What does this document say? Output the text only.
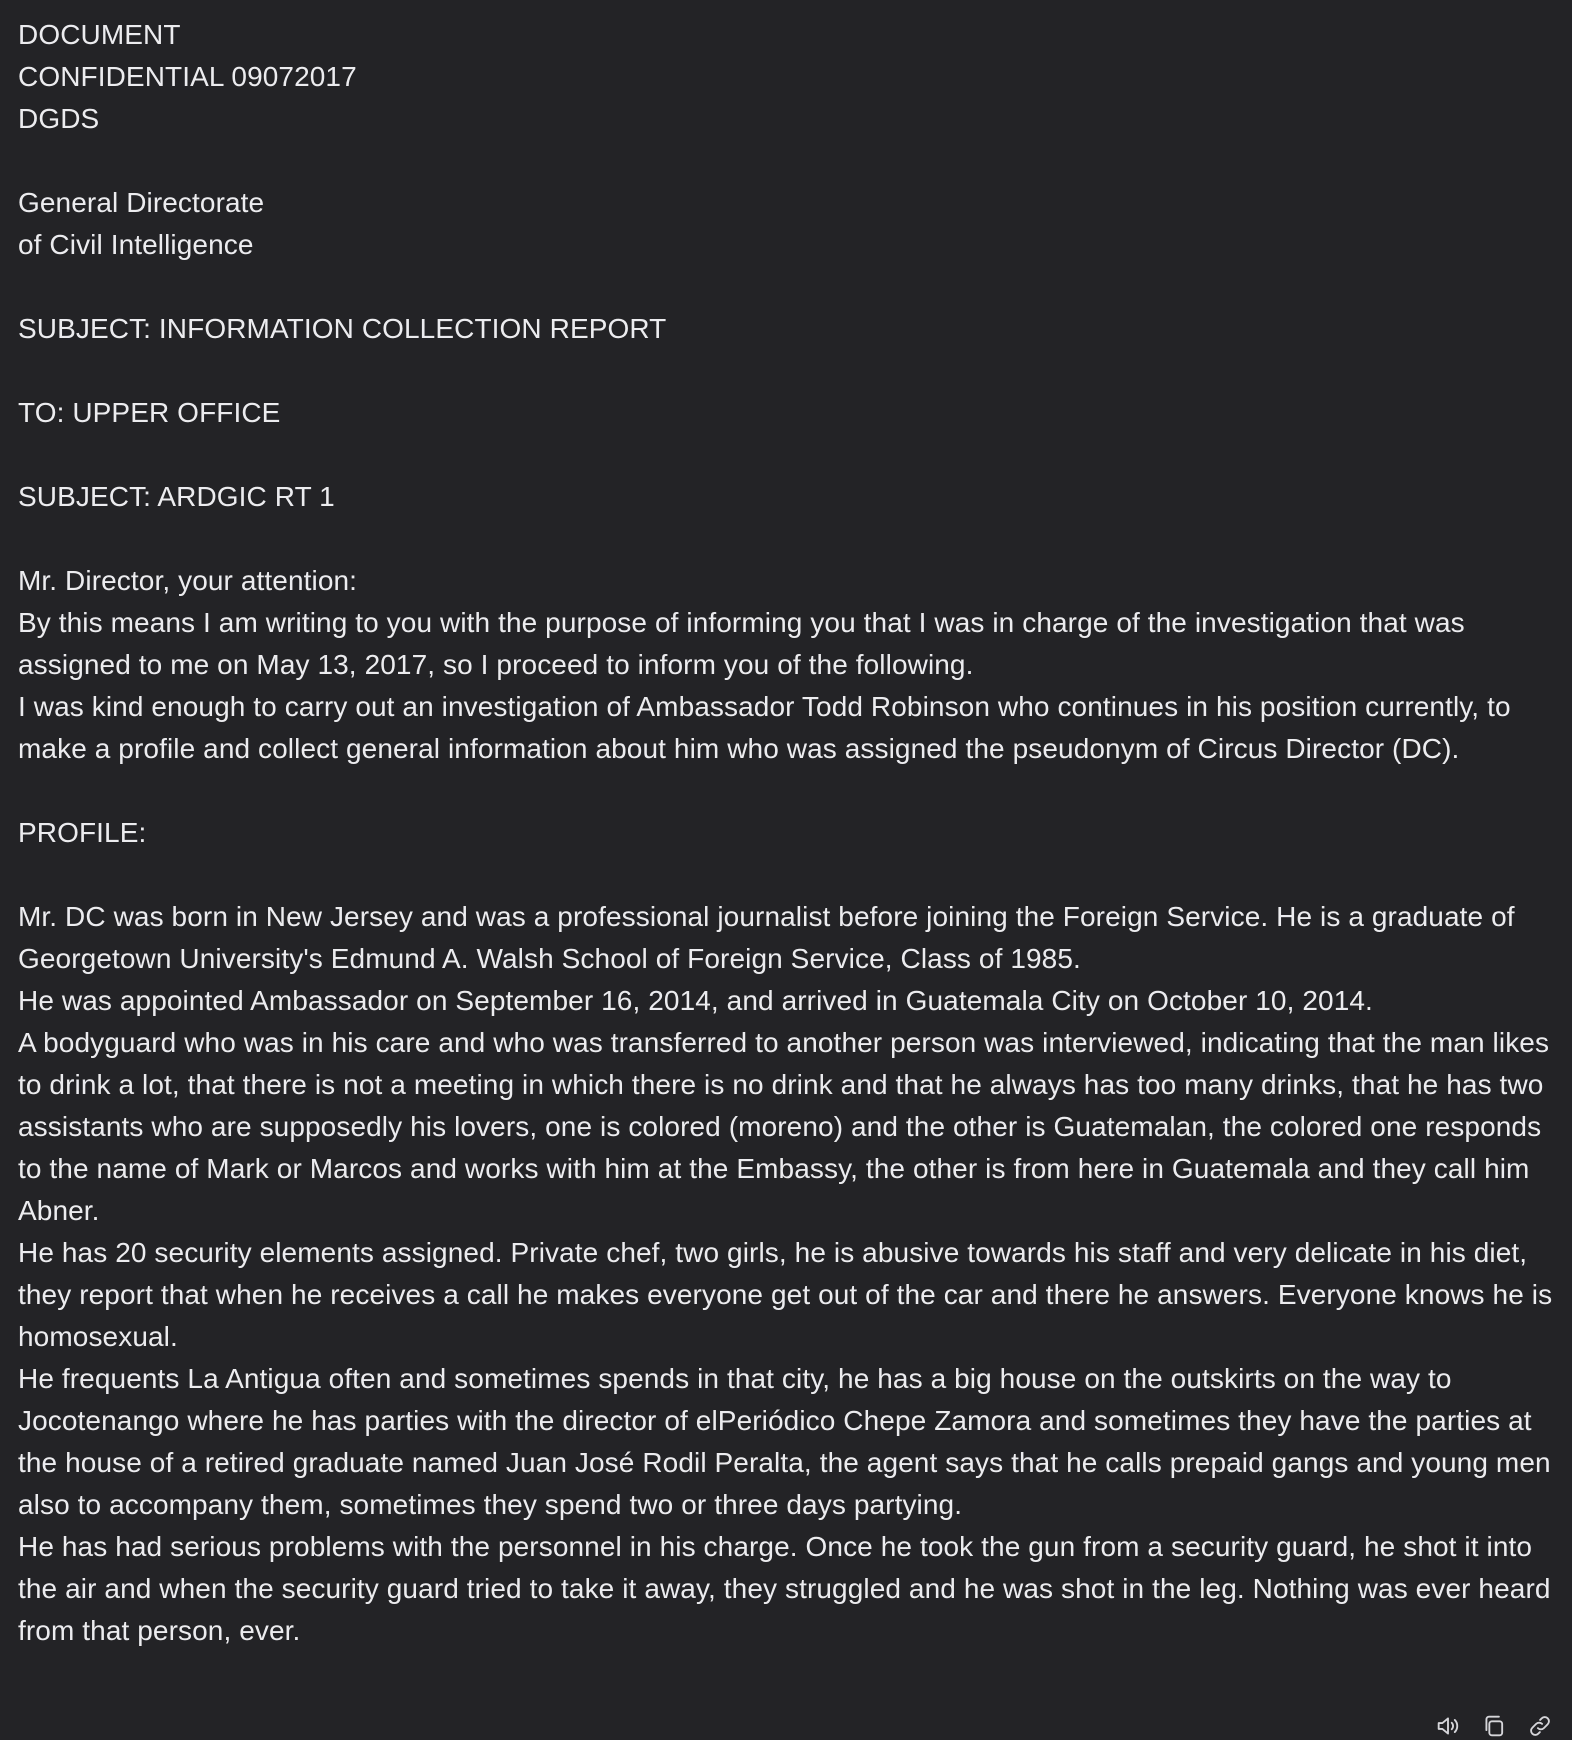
DOCUMENT
CONFIDENTIAL 09072017
DGDS
General Directorate
of Civil Intelligence
SUBJECT: INFORMATION COLLECTION REPORT
TO: UPPER OFFICE
SUBJECT: ARDGIC RT 1
Mr. Director, your attention:

By this means I am writing to you with the purpose of informing you that I was in charge of the investigation that was assigned to me on May 13, 2017, so I proceed to inform you of the following.

I was kind enough to carry out an investigation of Ambassador Todd Robinson who continues in his position currently, to make a profile and collect general information about him who was assigned the pseudonym of Circus Director (DC).

PROFILE:

Mr. DC was born in New Jersey and was a professional journalist before joining the Foreign Service. He is a graduate of Georgetown University's Edmund A. Walsh School of Foreign Service, Class of 1985.

He was appointed Ambassador on September 16, 2014, and arrived in Guatemala City on October 10, 2014.

A bodyguard who was in his care and who was transferred to another person was interviewed, indicating that the man likes to drink a lot, that there is not a meeting in which there is no drink and that he always has too many drinks, that he has two assistants who are supposedly his lovers, one is colored (moreno) and the other is Guatemalan, the colored one responds to the name of Mark or Marcos and works with him at the Embassy, the other is from here in Guatemala and they call him Abner.

He has 20 security elements assigned. Private chef, two girls, he is abusive towards his staff and very delicate in his diet, they report that when he receives a call he makes everyone get out of the car and there he answers. Everyone knows he is homosexual.

He frequents La Antigua often and sometimes spends in that city, he has a big house on the outskirts on the way to Jocotenango where he has parties with the director of elPeriódico Chepe Zamora and sometimes they have the parties at the house of a retired graduate named Juan José Rodil Peralta, the agent says that he calls prepaid gangs and young men also to accompany them, sometimes they spend two or three days partying.

He has had serious problems with the personnel in his charge. Once he took the gun from a security guard, he shot it into the air and when the security guard tried to take it away, they struggled and he was shot in the leg. Nothing was ever heard from that person, ever.
